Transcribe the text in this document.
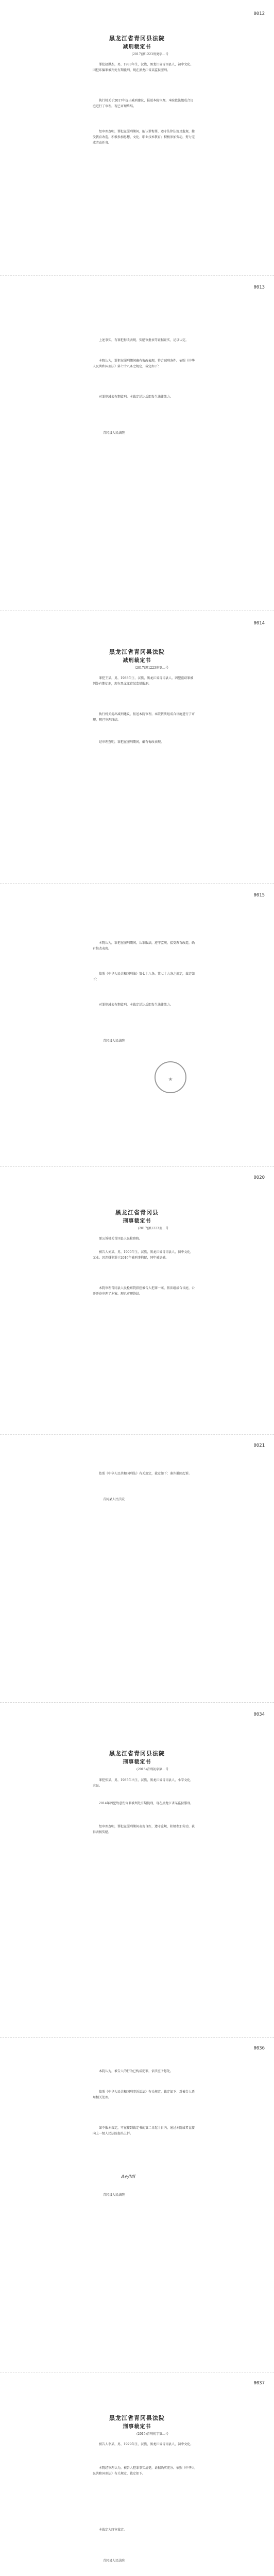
0012
黑龙江省青冈县法院
减刑裁定书
(2017)黑1223刑更字…号
罪犯赵洪杰，男，1983年生，汉族，黑龙江省青冈县人，初中文化。因犯诈骗罪被判处有期徒刑，现在黑龙江省某监狱服刑。
执行机关于2017年提出减刑建议，报送本院审理。本院依法组成合议庭进行了审理。现已审理终结。
经审理查明，罪犯在服刑期间，能认罪悔罪，遵守法律法规及监规，接受教育改造，积极参加思想、文化、职业技术教育；积极参加劳动，努力完成劳动任务。
0013
上述事实，有罪犯悔改表现、奖励审批表等证据证实，足以认定。
本院认为，罪犯在服刑期间确有悔改表现，符合减刑条件。依照《中华人民共和国刑法》第七十八条之规定，裁定如下：
对罪犯减去有期徒刑。本裁定送达后即发生法律效力。
青冈县人民法院
0014
黑龙江省青冈县法院
减刑裁定书
(2017)黑1223刑更…号
罪犯王某，男，1988年生，汉族，黑龙江省青冈县人。因犯盗窃罪被判处有期徒刑，现在黑龙江省某监狱服刑。
执行机关提出减刑建议，报送本院审理。本院依法组成合议庭进行了审理，现已审理终结。
经审理查明，罪犯在服刑期间，确有悔改表现。
0015
本院认为，罪犯在服刑期间，认罪服法，遵守监规，接受教育改造，确有悔改表现。
依照《中华人民共和国刑法》第七十八条、第七十九条之规定，裁定如下：
对罪犯减去有期徒刑，本裁定送达后即发生法律效力。
青冈县人民法院
★
0020
黑龙江省青冈县
刑事裁定书
(2017)黑1223刑…号
原公诉机关青冈县人民检察院。
被告人刘某，男，1990年生，汉族，黑龙江省青冈县人，初中文化，无业。因涉嫌犯罪于2016年被刑事拘留，同年被逮捕。
本院审理青冈县人民检察院指控被告人犯罪一案，依法组成合议庭，公开开庭审理了本案。现已审理终结。
0021
依照《中华人民共和国刑法》有关规定，裁定如下：准许撤回起诉。
青冈县人民法院
0034
黑龙江省青冈县法院
刑事裁定书
(2015)青刑初字第…号
罪犯张某，男，1985年出生，汉族，黑龙江省青冈县人，小学文化，农民。
2014年因犯故意伤害罪被判处有期徒刑，现在黑龙江省某监狱服刑。
经审理查明，罪犯在服刑期间表现良好，遵守监规，积极参加劳动，获得表扬奖励。
0036
本院认为，被告人的行为已构成犯罪，依法应予惩处。
依照《中华人民共和国刑事诉讼法》有关规定，裁定如下：对被告人适用相关处理。
如不服本裁定，可在接到裁定书的第二日起十日内，通过本院或者直接向上一级人民法院提出上诉。
Ae/Ml
青冈县人民法院
0037
黑龙江省青冈县法院
刑事裁定书
(2015)青刑初字第…号
被告人李某，男，1979年生，汉族，黑龙江省青冈县人，初中文化。
本院经审理认为，被告人犯罪事实清楚，证据确实充分。依照《中华人民共和国刑法》有关规定，裁定如下。
本裁定为终审裁定。
青冈县人民法院
